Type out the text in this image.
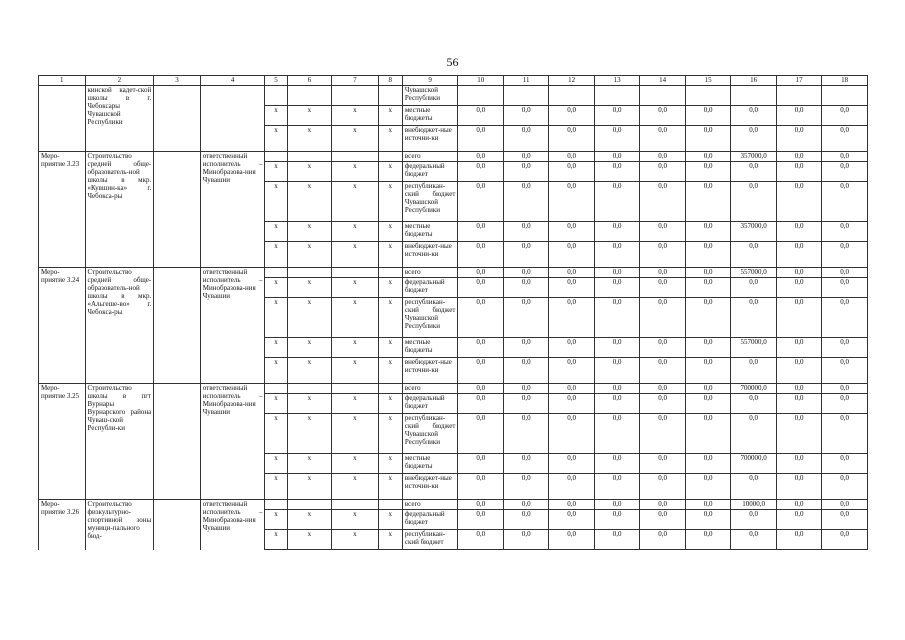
56
1	2	3	4	5	6	7	8	9	10	11	12	13	14	15	16	17	18
	кинской кадет-ской школы в г. Чебоксары Чувашской Республики							Чувашской Республики									
				х	х	х	х	местные бюджеты	0,0	0,0	0,0	0,0	0,0	0,0	0,0	0,0	0,0
				х	х	х	х	внебюджет-ные источни-ки	0,0	0,0	0,0	0,0	0,0	0,0	0,0	0,0	0,0
Меро-приятие 3.23	Строительство средней обще-образователь-ной школы в мкр. «Кувшин-ка» г. Чебокса-ры		ответственный исполнитель – Минобразова-ния Чувашии					всего	0,0	0,0	0,0	0,0	0,0	0,0	357000,0	0,0	0,0
				х	х	х	х	федеральный бюджет	0,0	0,0	0,0	0,0	0,0	0,0	0,0	0,0	0,0
				х	х	х	х	республикан-ский бюджет Чувашской Республики	0,0	0,0	0,0	0,0	0,0	0,0	0,0	0,0	0,0
				х	х	х	х	местные бюджеты	0,0	0,0	0,0	0,0	0,0	0,0	357000,0	0,0	0,0
				х	х	х	х	внебюджет-ные источни-ки	0,0	0,0	0,0	0,0	0,0	0,0	0,0	0,0	0,0
Меро-приятие 3.24	Строительство средней обще-образователь-ной школы в мкр. «Альгеше-во» г. Чебокса-ры		ответственный исполнитель – Минобразова-ния Чувашии					всего	0,0	0,0	0,0	0,0	0,0	0,0	557000,0	0,0	0,0
				х	х	х	х	федеральный бюджет	0,0	0,0	0,0	0,0	0,0	0,0	0,0	0,0	0,0
				х	х	х	х	республикан-ский бюджет Чувашской Республики	0,0	0,0	0,0	0,0	0,0	0,0	0,0	0,0	0,0
				х	х	х	х	местные бюджеты	0,0	0,0	0,0	0,0	0,0	0,0	557000,0	0,0	0,0
				х	х	х	х	внебюджет-ные источни-ки	0,0	0,0	0,0	0,0	0,0	0,0	0,0	0,0	0,0
Меро-приятие 3.25	Строительство школы в пгт Вурнары Вурнарского района Чуваш-ской Республи-ки		ответственный исполнитель – Минобразова-ния Чувашии					всего	0,0	0,0	0,0	0,0	0,0	0,0	700000,0	0,0	0,0
				х	х	х	х	федеральный бюджет	0,0	0,0	0,0	0,0	0,0	0,0	0,0	0,0	0,0
				х	х	х	х	республикан-ский бюджет Чувашской Республики	0,0	0,0	0,0	0,0	0,0	0,0	0,0	0,0	0,0
				х	х	х	х	местные бюджеты	0,0	0,0	0,0	0,0	0,0	0,0	700000,0	0,0	0,0
				х	х	х	х	внебюджет-ные источни-ки	0,0	0,0	0,0	0,0	0,0	0,0	0,0	0,0	0,0
Меро-приятие 3.26	Строительство физкультурно-спортивной зоны муници-пального бюд-		ответственный исполнитель – Минобразова-ния Чувашии					всего	0,0	0,0	0,0	0,0	0,0	0,0	10000,0	0,0	0,0
				х	х	х	х	федеральный бюджет	0,0	0,0	0,0	0,0	0,0	0,0	0,0	0,0	0,0
				х	х	х	х	республикан-ский бюджет	0,0	0,0	0,0	0,0	0,0	0,0	0,0	0,0	0,0
